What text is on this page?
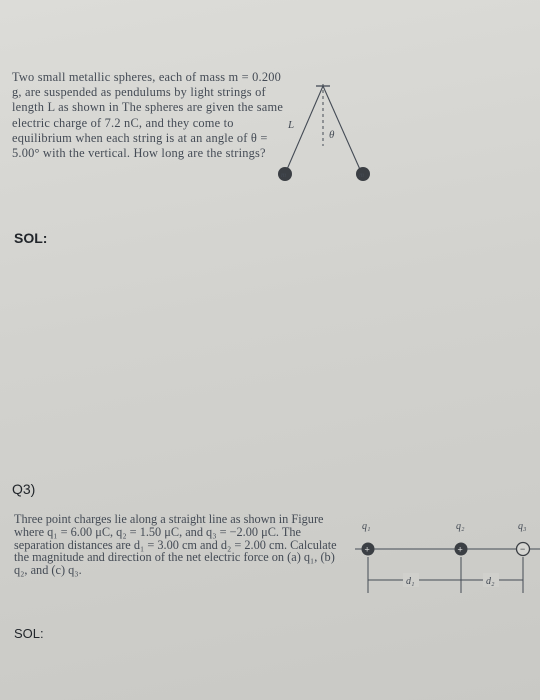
Two small metallic spheres, each of mass m = 0.200 g, are suspended as pendulums by light strings of length L as shown in The spheres are given the same electric charge of 7.2 nC, and they come to equilibrium when each string is at an angle of θ = 5.00° with the vertical. How long are the strings?
m	m
L
θ
SOL:
Q3)
Three point charges lie along a straight line as shown in Figure where q₁ = 6.00 μC, q₂ = 1.50 μC, and q₃ = −2.00 μC. The separation distances are d₁ = 3.00 cm and d₂ = 2.00 cm. Calculate the magnitude and direction of the net electric force on (a) q₁, (b) q₂, and (c) q₃.
q₁	q₂	q₃
+	+	−
d₁	d₂
SOL:
